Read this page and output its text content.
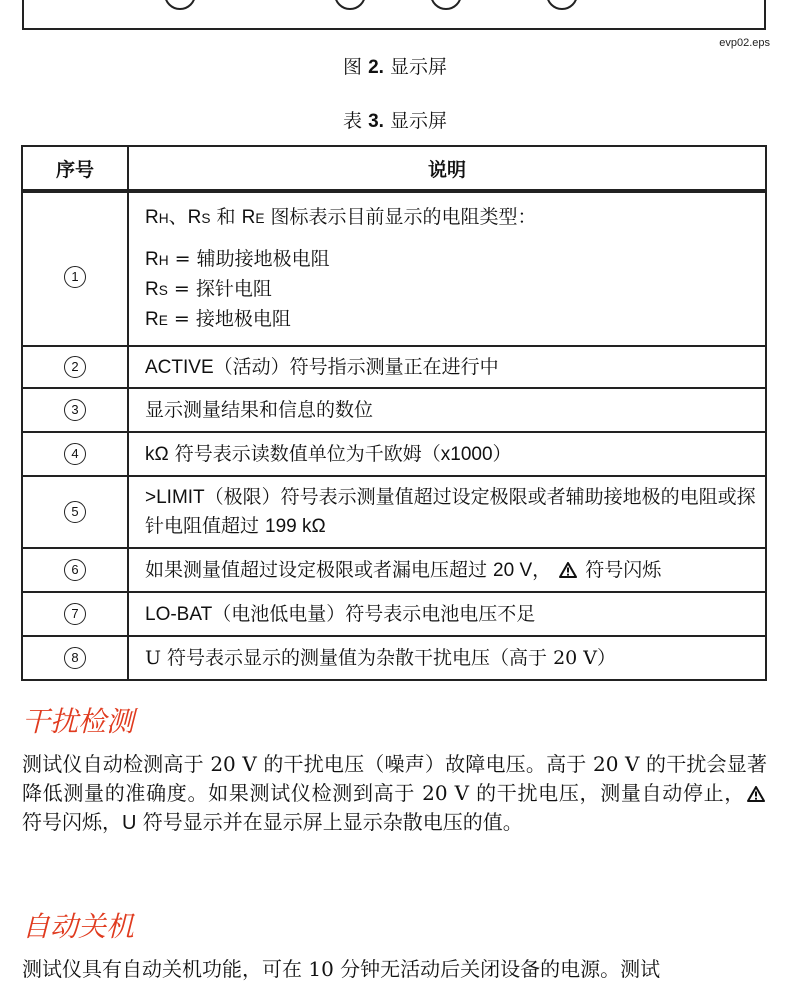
evp02.eps
图 2. 显示屏
表 3. 显示屏
序号	说明
1	RH、RS 和 RE 图标表示目前显示的电阻类型：
RH = 辅助接地极电阻
RS = 探针电阻
RE = 接地极电阻

2	ACTIVE（活动）符号指示测量正在进行中
3	显示测量结果和信息的数位
4	kΩ 符号表示读数值单位为千欧姆（x1000）
5	>LIMIT（极限）符号表示测量值超过设定极限或者辅助接地极的电阻或探针电阻值超过 199 kΩ
6	如果测量值超过设定极限或者漏电压超过 20 V，  符号闪烁
7	LO-BAT（电池低电量）符号表示电池电压不足
8	U 符号表示显示的测量值为杂散干扰电压（高于 20 V）
干扰检测

测试仪自动检测高于 20 V 的干扰电压（噪声）故障电压。高于 20 V 的干扰会显著降低测量的准确度。如果测试仪检测到高于 20 V 的干扰电压，测量自动停止， 符号闪烁，U 符号显示并在显示屏上显示杂散电压的值。

自动关机

测试仪具有自动关机功能，可在 10 分钟无活动后关闭设备的电源。测试
